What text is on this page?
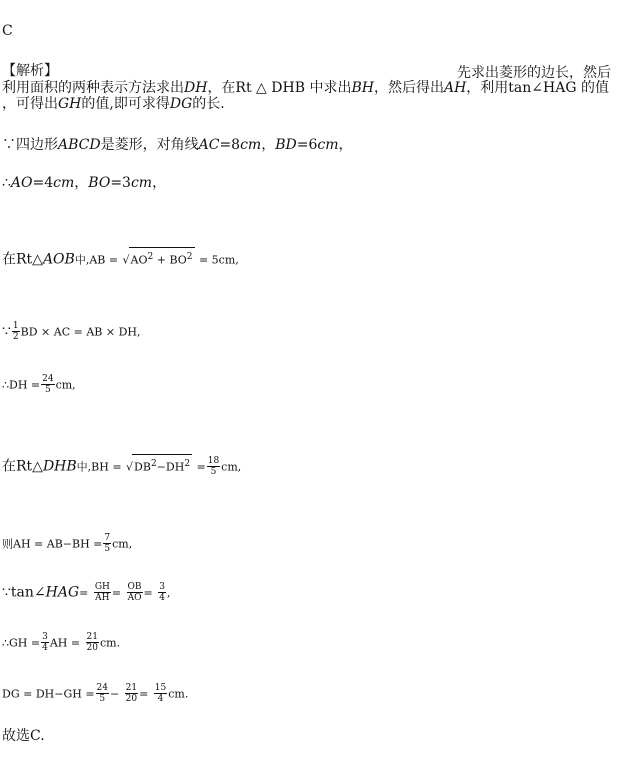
C
【解析】	先求出菱形的边长，然后
利用面积的两种表示方法求出DH，在Rt △ DHB 中求出BH，然后得出AH，利用tan∠HAG 的值
，可得出GH的值,即可求得DG的长.
∵四边形ABCD是菱形，对角线AC=8cm，BD=6cm，
∴AO=4cm，BO=3cm，
在Rt△AOB中$,AB = √AO^2 + BO^2 = 5cm$,
∵ $\frac{1}{2}$ BD × AC = AB × DH,
∴DH = $\frac{24}{5}$ cm,
在Rt△DHB中$,BH = √DB^2-DH^2 = \frac{18}{5}$ cm,
则AH = $AB-BH = \frac{7}{5}$ cm,
∵tan∠HAG= $\frac{GH}{AH} = \frac{OB}{AO} = \frac{3}{4}$ ,
∴GH = $\frac{3}{4}$ AH = $\frac{21}{20}$ cm.
DG = $DH-GH = \frac{24}{5} - \frac{21}{20} = \frac{15}{4}$ cm.
故选C.
